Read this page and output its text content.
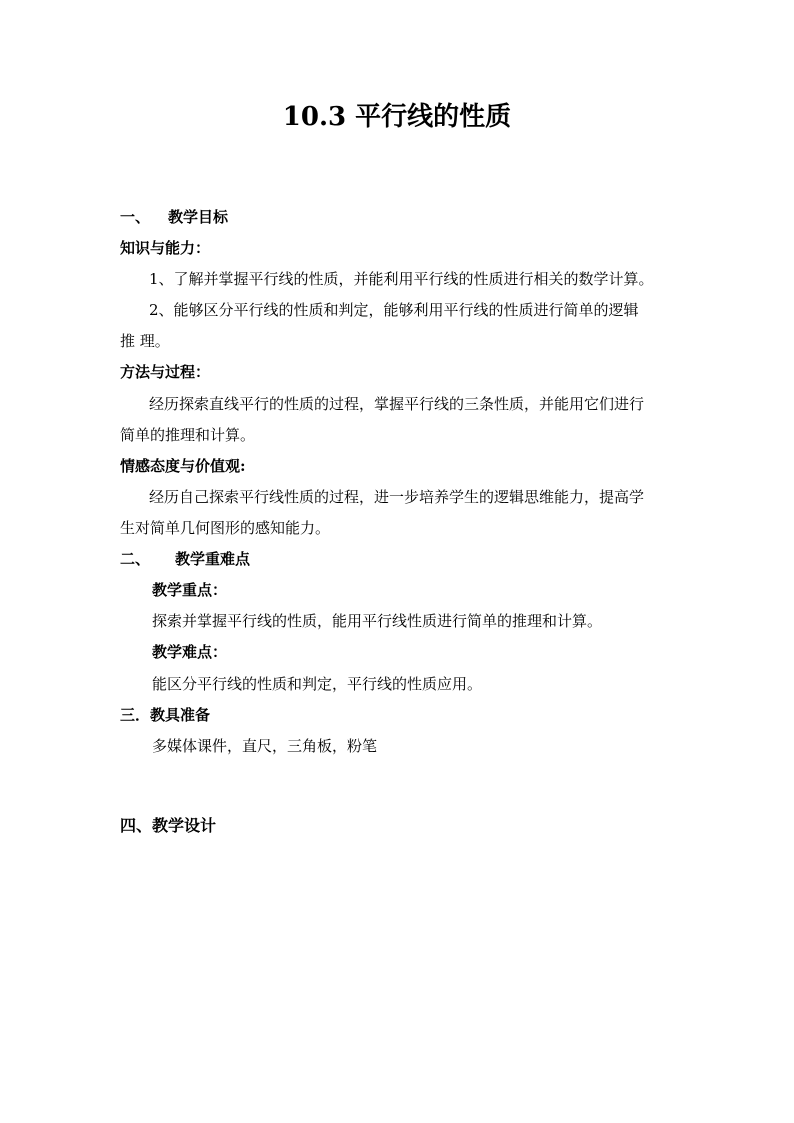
10.3 平行线的性质
一、 教学目标
知识与能力：
1、了解并掌握平行线的性质，并能利用平行线的性质进行相关的数学计算。
2、能够区分平行线的性质和判定，能够利用平行线的性质进行简单的逻辑
推 理。
方法与过程：
经历探索直线平行的性质的过程，掌握平行线的三条性质，并能用它们进行
简单的推理和计算。
情感态度与价值观:
经历自己探索平行线性质的过程，进一步培养学生的逻辑思维能力，提高学
生对简单几何图形的感知能力。
二、 教学重难点
教学重点：
探索并掌握平行线的性质，能用平行线性质进行简单的推理和计算。
教学难点：
能区分平行线的性质和判定，平行线的性质应用。
三．教具准备
多媒体课件，直尺，三角板，粉笔
四、教学设计
